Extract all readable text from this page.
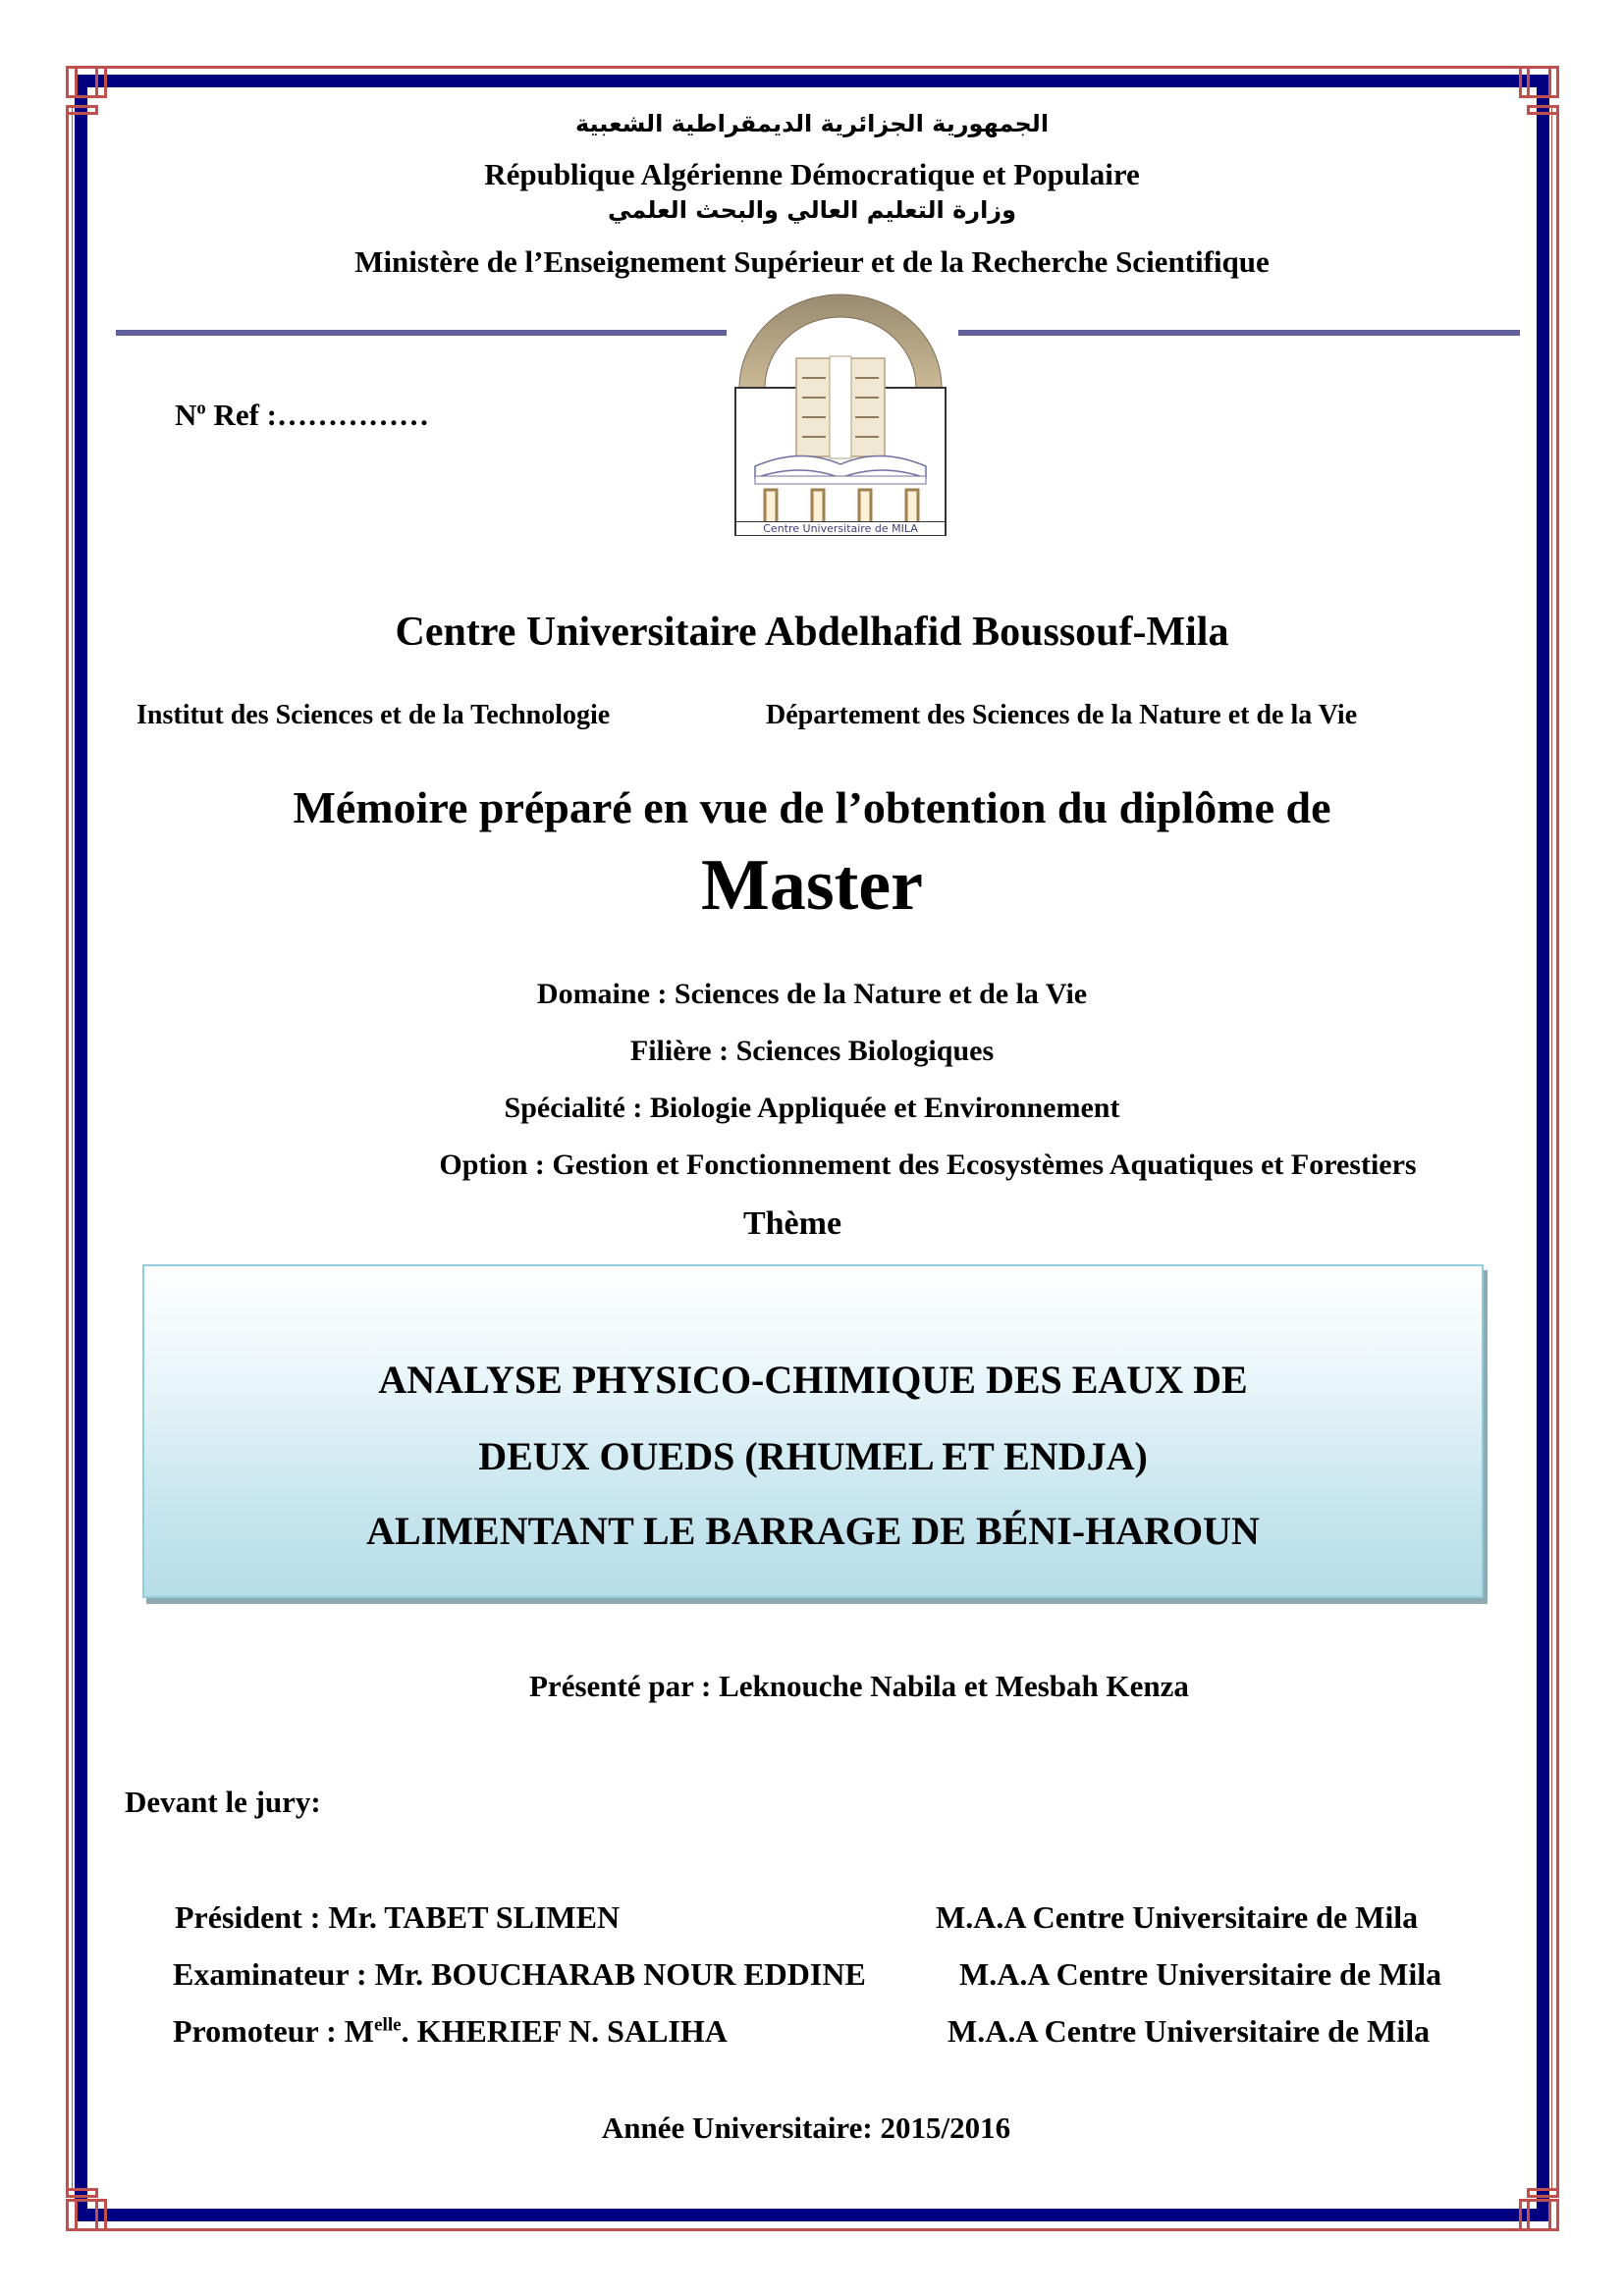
الجمهورية الجزائرية الديمقراطية الشعبية
République Algérienne Démocratique et Populaire
وزارة التعليم العالي والبحث العلمي
Ministère de l’Enseignement Supérieur et de la Recherche Scientifique
Centre Universitaire de MILA
$N^o$ Ref :……………
Centre Universitaire Abdelhafid Boussouf-Mila
Institut des Sciences et de la Technologie	Département des Sciences de la Nature et de la Vie
Mémoire préparé en vue de l’obtention du diplôme de
Master
Domaine : Sciences de la Nature et de la Vie
Filière : Sciences Biologiques
Spécialité : Biologie Appliquée et Environnement
Option : Gestion et Fonctionnement des Ecosystèmes Aquatiques et Forestiers
Thème
ANALYSE PHYSICO-CHIMIQUE DES EAUX DE
DEUX OUEDS (RHUMEL ET ENDJA)
ALIMENTANT LE BARRAGE DE BÉNI-HAROUN
Présenté par : Leknouche Nabila et Mesbah Kenza
Devant le jury:
Président : Mr. TABET SLIMEN	M.A.A Centre Universitaire de Mila
Examinateur : Mr. BOUCHARAB NOUR EDDINE	M.A.A Centre Universitaire de Mila
Promoteur : $M^{elle}$. KHERIEF N. SALIHA	M.A.A Centre Universitaire de Mila
Année Universitaire: 2015/2016
